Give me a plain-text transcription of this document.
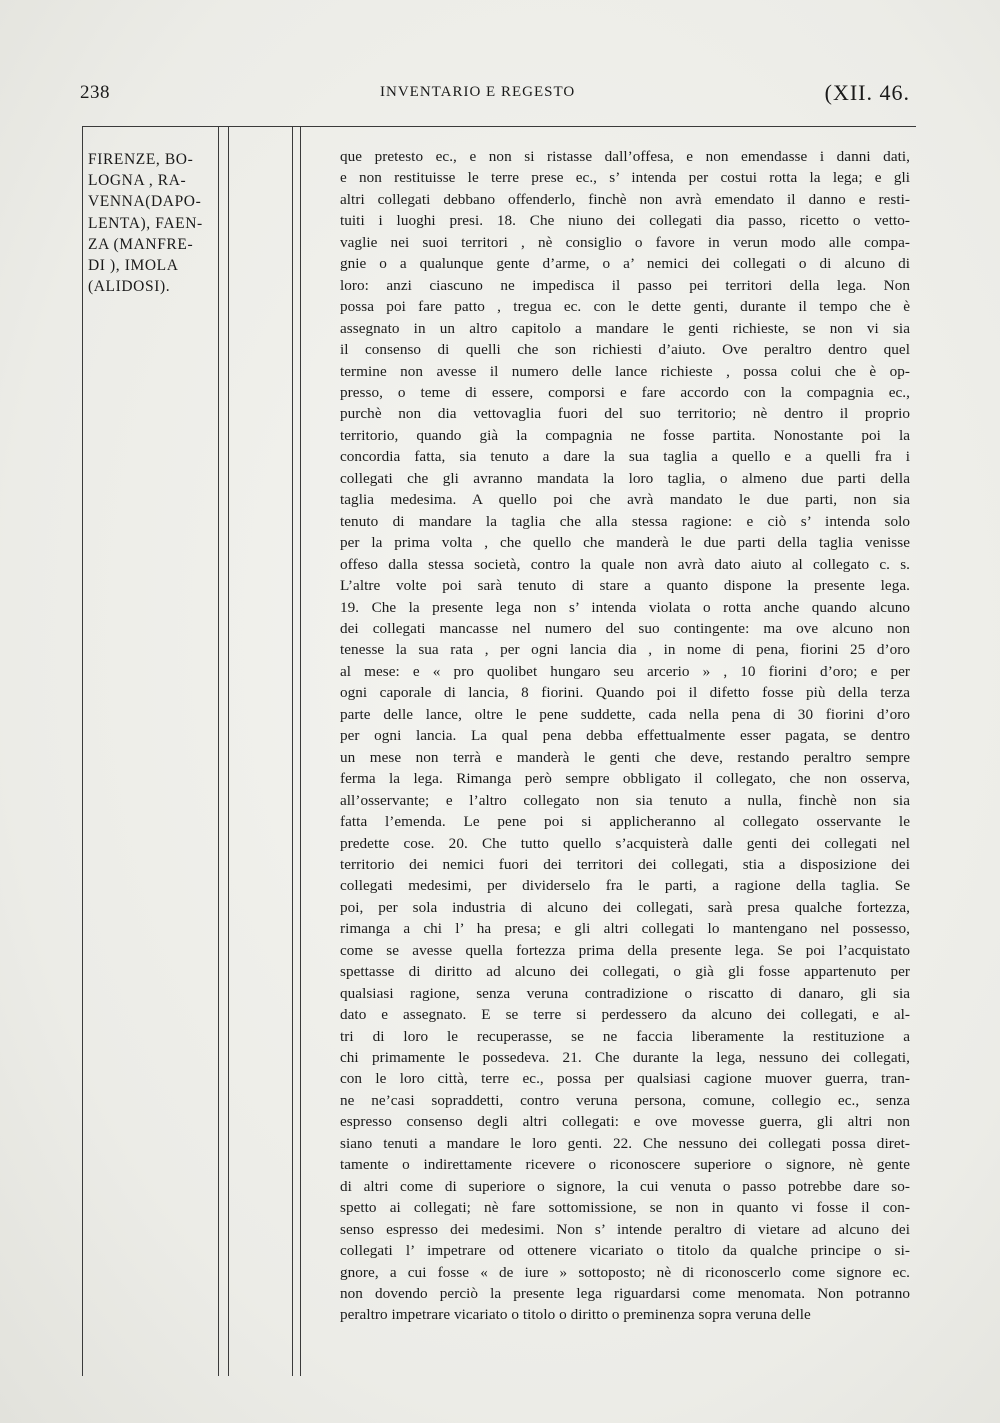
238	INVENTARIO E REGESTO	(XII. 46.
FIRENZE, BO-
LOGNA , RA-
VENNA(DAPO-
LENTA), FAEN-
ZA (MANFRE-
DI ), IMOLA
(ALIDOSI).
que pretesto ec., e non si ristasse dall’offesa, e non emendasse i danni dati,
e non restituisse le terre prese ec., s’ intenda per costui rotta la lega; e gli
altri collegati debbano offenderlo, finchè non avrà emendato il danno e resti-
tuiti i luoghi presi. 18. Che niuno dei collegati dia passo, ricetto o vetto-
vaglie nei suoi territori , nè consiglio o favore in verun modo alle compa-
gnie o a qualunque gente d’arme, o a’ nemici dei collegati o di alcuno di
loro: anzi ciascuno ne impedisca il passo pei territori della lega. Non
possa poi fare patto , tregua ec. con le dette genti, durante il tempo che è
assegnato in un altro capitolo a mandare le genti richieste, se non vi sia
il consenso di quelli che son richiesti d’aiuto. Ove peraltro dentro quel
termine non avesse il numero delle lance richieste , possa colui che è op-
presso, o teme di essere, comporsi e fare accordo con la compagnia ec.,
purchè non dia vettovaglia fuori del suo territorio; nè dentro il proprio
territorio, quando già la compagnia ne fosse partita. Nonostante poi la
concordia fatta, sia tenuto a dare la sua taglia a quello e a quelli fra i
collegati che gli avranno mandata la loro taglia, o almeno due parti della
taglia medesima. A quello poi che avrà mandato le due parti, non sia
tenuto di mandare la taglia che alla stessa ragione: e ciò s’ intenda solo
per la prima volta , che quello che manderà le due parti della taglia venisse
offeso dalla stessa società, contro la quale non avrà dato aiuto al collegato c. s.
L’altre volte poi sarà tenuto di stare a quanto dispone la presente lega.
19. Che la presente lega non s’ intenda violata o rotta anche quando alcuno
dei collegati mancasse nel numero del suo contingente: ma ove alcuno non
tenesse la sua rata , per ogni lancia dia , in nome di pena, fiorini 25 d’oro
al mese: e « pro quolibet hungaro seu arcerio » , 10 fiorini d’oro; e per
ogni caporale di lancia, 8 fiorini. Quando poi il difetto fosse più della terza
parte delle lance, oltre le pene suddette, cada nella pena di 30 fiorini d’oro
per ogni lancia. La qual pena debba effettualmente esser pagata, se dentro
un mese non terrà e manderà le genti che deve, restando peraltro sempre
ferma la lega. Rimanga però sempre obbligato il collegato, che non osserva,
all’osservante; e l’altro collegato non sia tenuto a nulla, finchè non sia
fatta l’emenda. Le pene poi si applicheranno al collegato osservante le
predette cose. 20. Che tutto quello s’acquisterà dalle genti dei collegati nel
territorio dei nemici fuori dei territori dei collegati, stia a disposizione dei
collegati medesimi, per dividerselo fra le parti, a ragione della taglia. Se
poi, per sola industria di alcuno dei collegati, sarà presa qualche fortezza,
rimanga a chi l’ ha presa; e gli altri collegati lo mantengano nel possesso,
come se avesse quella fortezza prima della presente lega. Se poi l’acquistato
spettasse di diritto ad alcuno dei collegati, o già gli fosse appartenuto per
qualsiasi ragione, senza veruna contradizione o riscatto di danaro, gli sia
dato e assegnato. E se terre si perdessero da alcuno dei collegati, e al-
tri di loro le recuperasse, se ne faccia liberamente la restituzione a
chi primamente le possedeva. 21. Che durante la lega, nessuno dei collegati,
con le loro città, terre ec., possa per qualsiasi cagione muover guerra, tran-
ne ne’casi sopraddetti, contro veruna persona, comune, collegio ec., senza
espresso consenso degli altri collegati: e ove movesse guerra, gli altri non
siano tenuti a mandare le loro genti. 22. Che nessuno dei collegati possa diret-
tamente o indirettamente ricevere o riconoscere superiore o signore, nè gente
di altri come di superiore o signore, la cui venuta o passo potrebbe dare so-
spetto ai collegati; nè fare sottomissione, se non in quanto vi fosse il con-
senso espresso dei medesimi. Non s’ intende peraltro di vietare ad alcuno dei
collegati l’ impetrare od ottenere vicariato o titolo da qualche principe o si-
gnore, a cui fosse « de iure » sottoposto; nè di riconoscerlo come signore ec.
non dovendo perciò la presente lega riguardarsi come menomata. Non potranno
peraltro impetrare vicariato o titolo o diritto o preminenza sopra veruna delle
